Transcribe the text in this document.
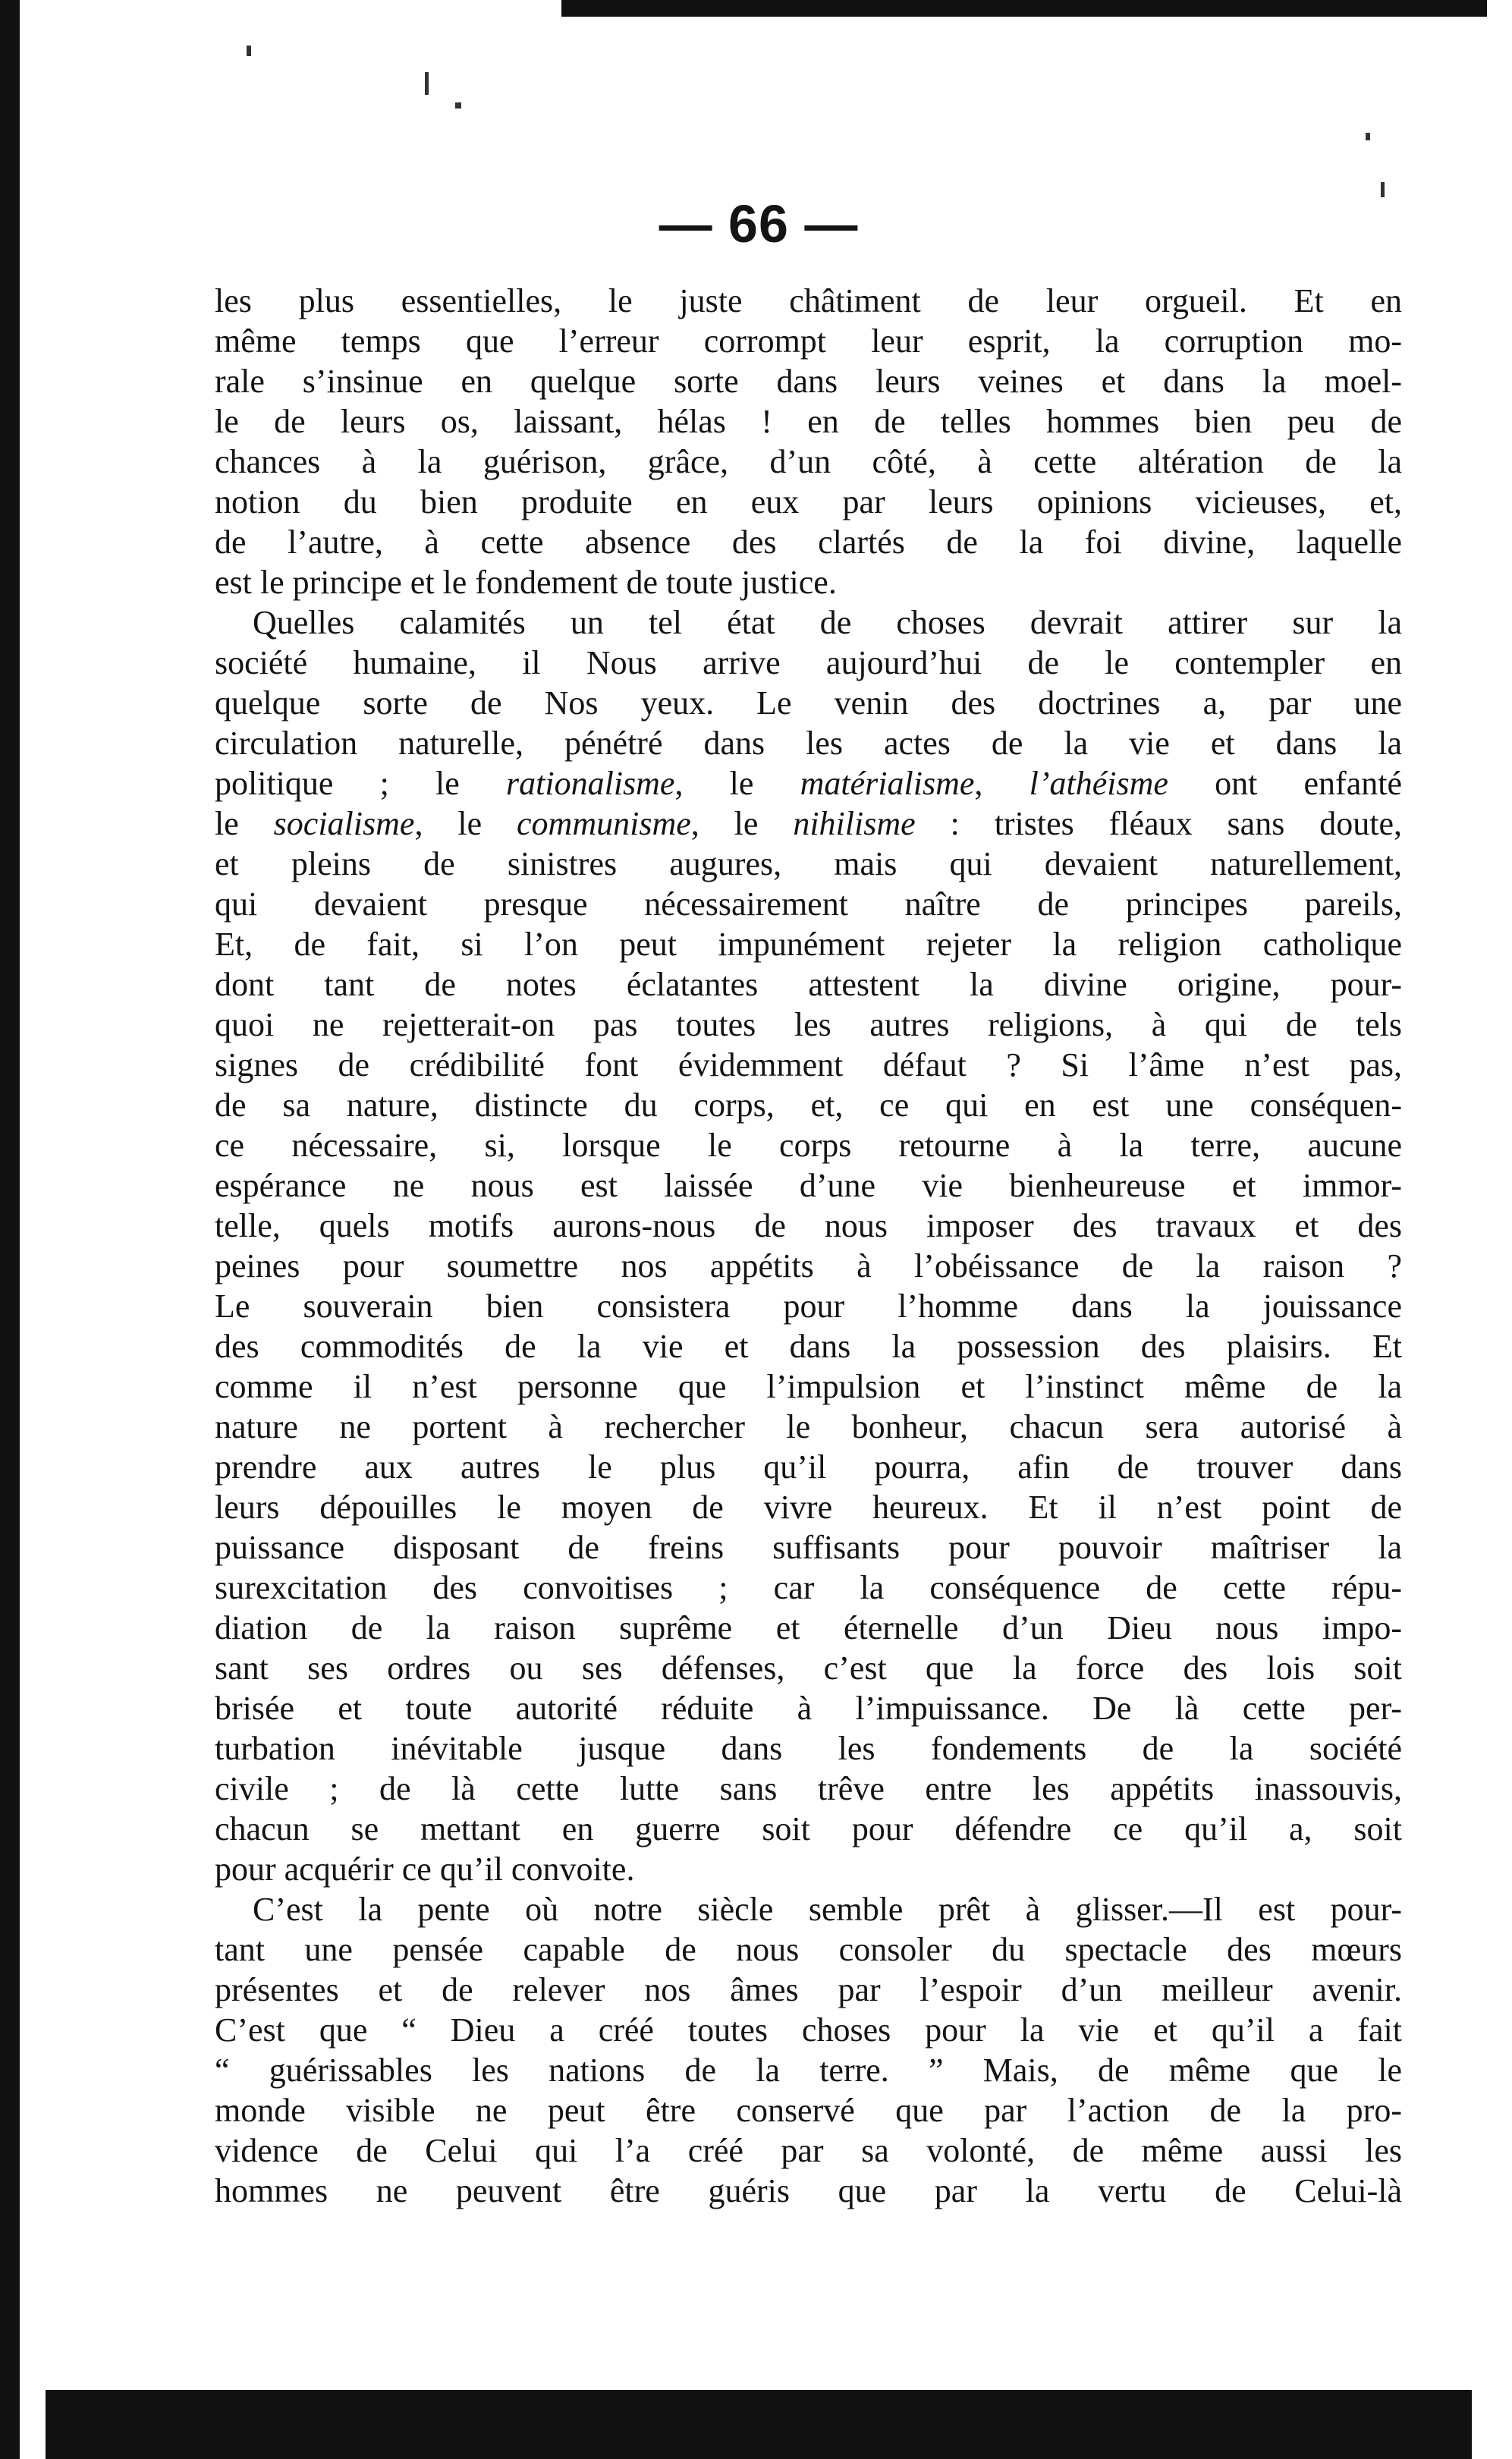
— 66 —
les plus essentielles, le juste châtiment de leur orgueil. Et en
même temps que l’erreur corrompt leur esprit, la corruption mo-
rale s’insinue en quelque sorte dans leurs veines et dans la moel-
le de leurs os, laissant, hélas ! en de telles hommes bien peu de
chances à la guérison, grâce, d’un côté, à cette altération de la
notion du bien produite en eux par leurs opinions vicieuses, et,
de l’autre, à cette absence des clartés de la foi divine, laquelle
est le principe et le fondement de toute justice.
Quelles calamités un tel état de choses devrait attirer sur la
société humaine, il Nous arrive aujourd’hui de le contempler en
quelque sorte de Nos yeux. Le venin des doctrines a, par une
circulation naturelle, pénétré dans les actes de la vie et dans la
politique ; le rationalisme, le matérialisme, l’athéisme ont enfanté
le socialisme, le communisme, le nihilisme : tristes fléaux sans doute,
et pleins de sinistres augures, mais qui devaient naturellement,
qui devaient presque nécessairement naître de principes pareils,
Et, de fait, si l’on peut impunément rejeter la religion catholique
dont tant de notes éclatantes attestent la divine origine, pour-
quoi ne rejetterait-on pas toutes les autres religions, à qui de tels
signes de crédibilité font évidemment défaut ? Si l’âme n’est pas,
de sa nature, distincte du corps, et, ce qui en est une conséquen-
ce nécessaire, si, lorsque le corps retourne à la terre, aucune
espérance ne nous est laissée d’une vie bienheureuse et immor-
telle, quels motifs aurons-nous de nous imposer des travaux et des
peines pour soumettre nos appétits à l’obéissance de la raison ?
Le souverain bien consistera pour l’homme dans la jouissance
des commodités de la vie et dans la possession des plaisirs. Et
comme il n’est personne que l’impulsion et l’instinct même de la
nature ne portent à rechercher le bonheur, chacun sera autorisé à
prendre aux autres le plus qu’il pourra, afin de trouver dans
leurs dépouilles le moyen de vivre heureux. Et il n’est point de
puissance disposant de freins suffisants pour pouvoir maîtriser la
surexcitation des convoitises ; car la conséquence de cette répu-
diation de la raison suprême et éternelle d’un Dieu nous impo-
sant ses ordres ou ses défenses, c’est que la force des lois soit
brisée et toute autorité réduite à l’impuissance. De là cette per-
turbation inévitable jusque dans les fondements de la société
civile ; de là cette lutte sans trêve entre les appétits inassouvis,
chacun se mettant en guerre soit pour défendre ce qu’il a, soit
pour acquérir ce qu’il convoite.
C’est la pente où notre siècle semble prêt à glisser.—Il est pour-
tant une pensée capable de nous consoler du spectacle des mœurs
présentes et de relever nos âmes par l’espoir d’un meilleur avenir.
C’est que “ Dieu a créé toutes choses pour la vie et qu’il a fait
“ guérissables les nations de la terre. ” Mais, de même que le
monde visible ne peut être conservé que par l’action de la pro-
vidence de Celui qui l’a créé par sa volonté, de même aussi les
hommes ne peuvent être guéris que par la vertu de Celui-là
